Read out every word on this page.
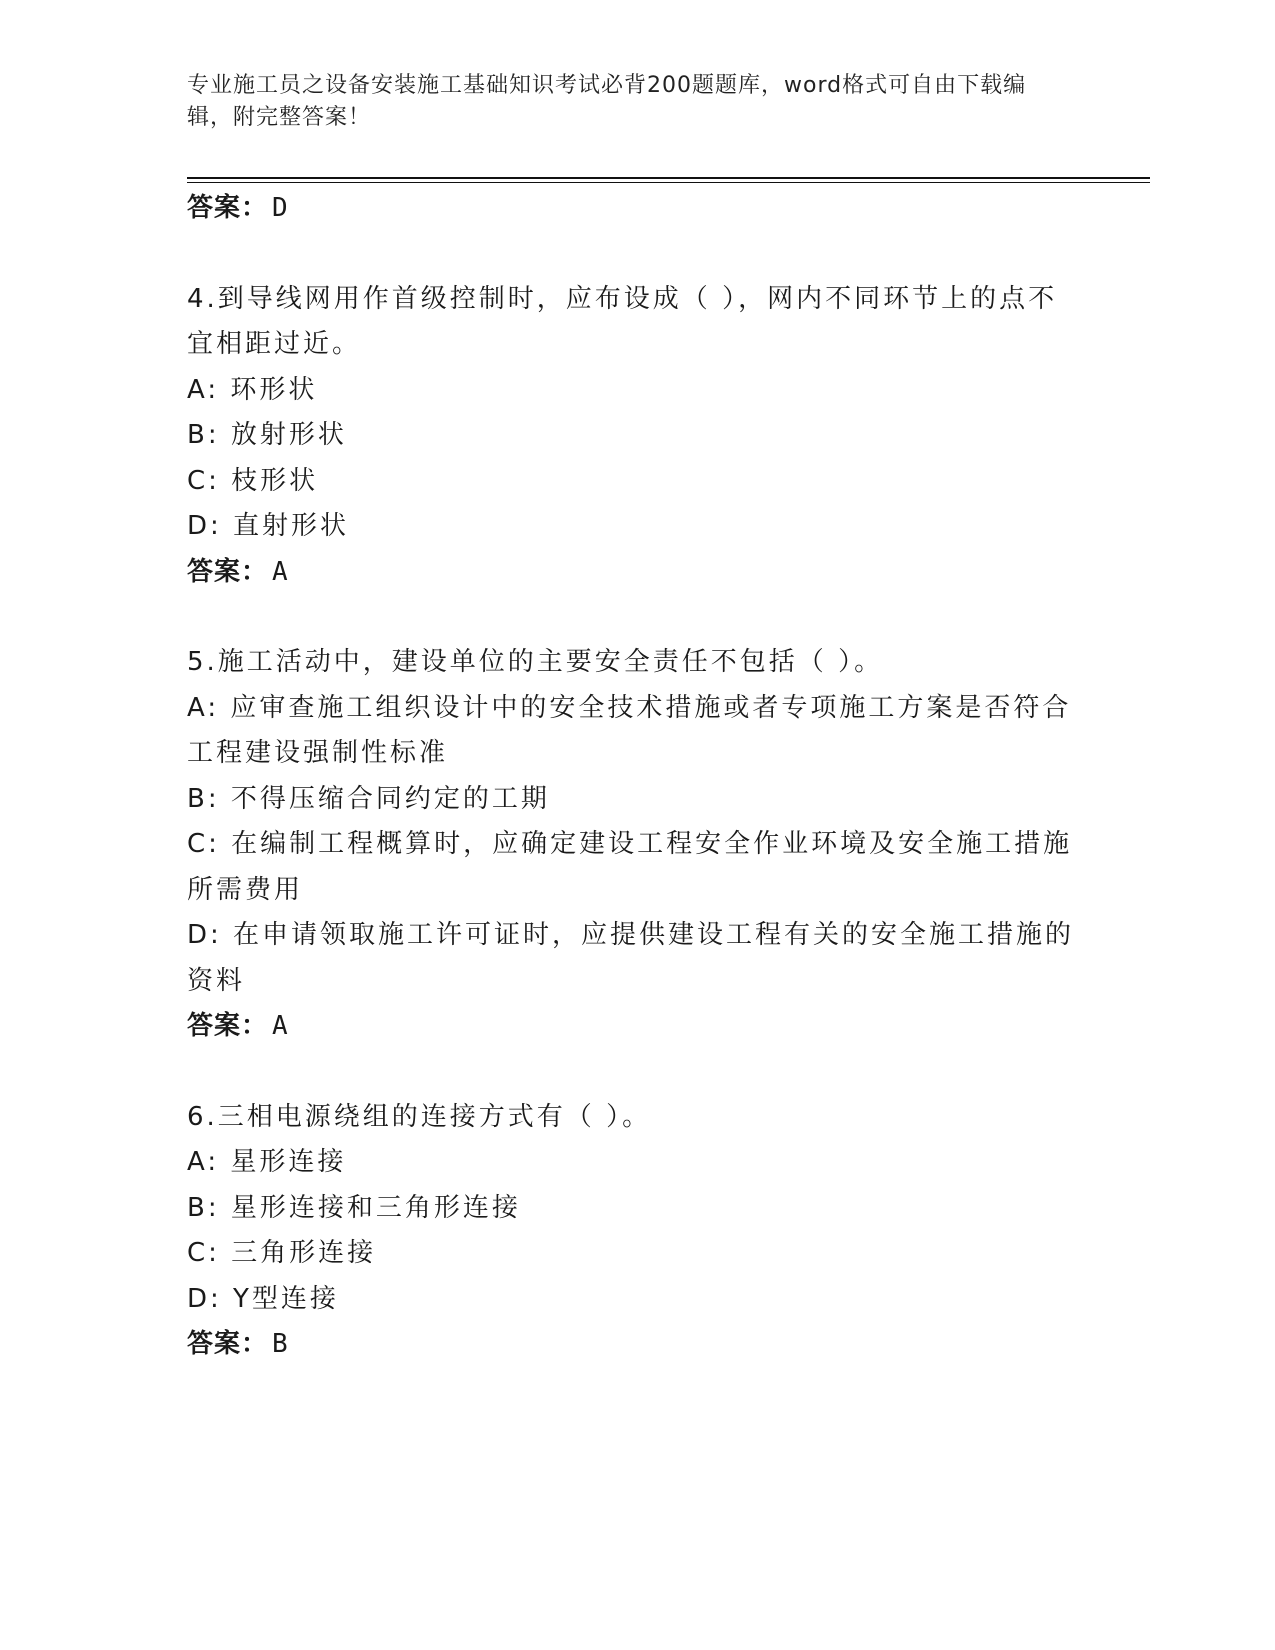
专业施工员之设备安装施工基础知识考试必背200题题库，word格式可自由下载编辑，附完整答案！

答案： D

4.到导线网用作首级控制时，应布设成（ ），网内不同环节上的点不宜相距过近。

A: 环形状

B: 放射形状

C: 枝形状

D: 直射形状

答案： A

5.施工活动中，建设单位的主要安全责任不包括（ ）。

A: 应审查施工组织设计中的安全技术措施或者专项施工方案是否符合工程建设强制性标准

B: 不得压缩合同约定的工期

C: 在编制工程概算时，应确定建设工程安全作业环境及安全施工措施所需费用

D: 在申请领取施工许可证时，应提供建设工程有关的安全施工措施的资料

答案： A

6.三相电源绕组的连接方式有（ ）。

A: 星形连接

B: 星形连接和三角形连接

C: 三角形连接

D: Y型连接

答案： B
